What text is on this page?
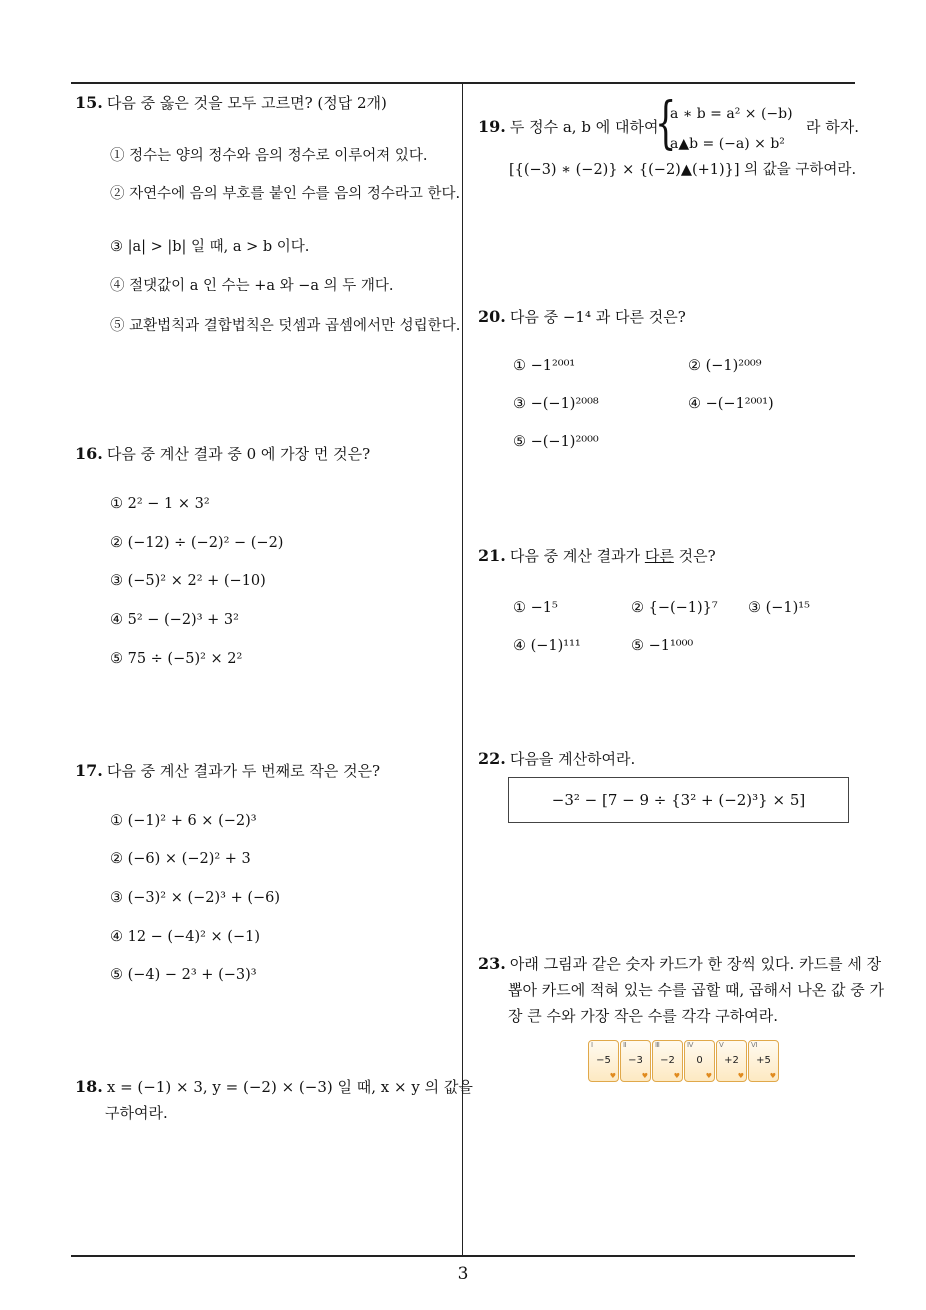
15. 다음 중 옳은 것을 모두 고르면? (정답 2개)
① 정수는 양의 정수와 음의 정수로 이루어져 있다.
② 자연수에 음의 부호를 붙인 수를 음의 정수라고 한다.
③ |a| > |b| 일 때, a > b 이다.
④ 절댓값이 a 인 수는 +a 와 −a 의 두 개다.
⑤ 교환법칙과 결합법칙은 덧셈과 곱셈에서만 성립한다.
16. 다음 중 계산 결과 중 0 에 가장 먼 것은?
① 2² − 1 × 3²
② (−12) ÷ (−2)² − (−2)
③ (−5)² × 2² + (−10)
④ 5² − (−2)³ + 3²
⑤ 75 ÷ (−5)² × 2²
17. 다음 중 계산 결과가 두 번째로 작은 것은?
① (−1)² + 6 × (−2)³
② (−6) × (−2)² + 3
③ (−3)² × (−2)³ + (−6)
④ 12 − (−4)² × (−1)
⑤ (−4) − 2³ + (−3)³
18. x = (−1) × 3, y = (−2) × (−3) 일 때, x × y 의 값을 구하여라.
19. 두 정수 a, b 에 대하여
{
a ∗ b = a² × (−b)
a▲b = (−a) × b²
라 하자.
[{(−3) ∗ (−2)} × {(−2)▲(+1)}] 의 값을 구하여라.
20. 다음 중 −1⁴ 과 다른 것은?
① −1²⁰⁰¹	② (−1)²⁰⁰⁹
③ −(−1)²⁰⁰⁸	④ −(−1²⁰⁰¹)
⑤ −(−1)²⁰⁰⁰
21. 다음 중 계산 결과가 다른 것은?
① −1⁵	② {−(−1)}⁷ ③ (−1)¹⁵
④ (−1)¹¹¹	⑤ −1¹⁰⁰⁰
22. 다음을 계산하여라.
−3² − [7 − 9 ÷ {3² + (−2)³} × 5]
23. 아래 그림과 같은 숫자 카드가 한 장씩 있다. 카드를 세 장 뽑아 카드에 적혀 있는 수를 곱할 때, 곱해서 나온 값 중 가장 큰 수와 가장 작은 수를 각각 구하여라.
Ⅰ
−5
♥
Ⅱ
−3
♥
Ⅲ
−2
♥
Ⅳ
0
♥
Ⅴ
+2
♥
Ⅵ
+5
♥
3
